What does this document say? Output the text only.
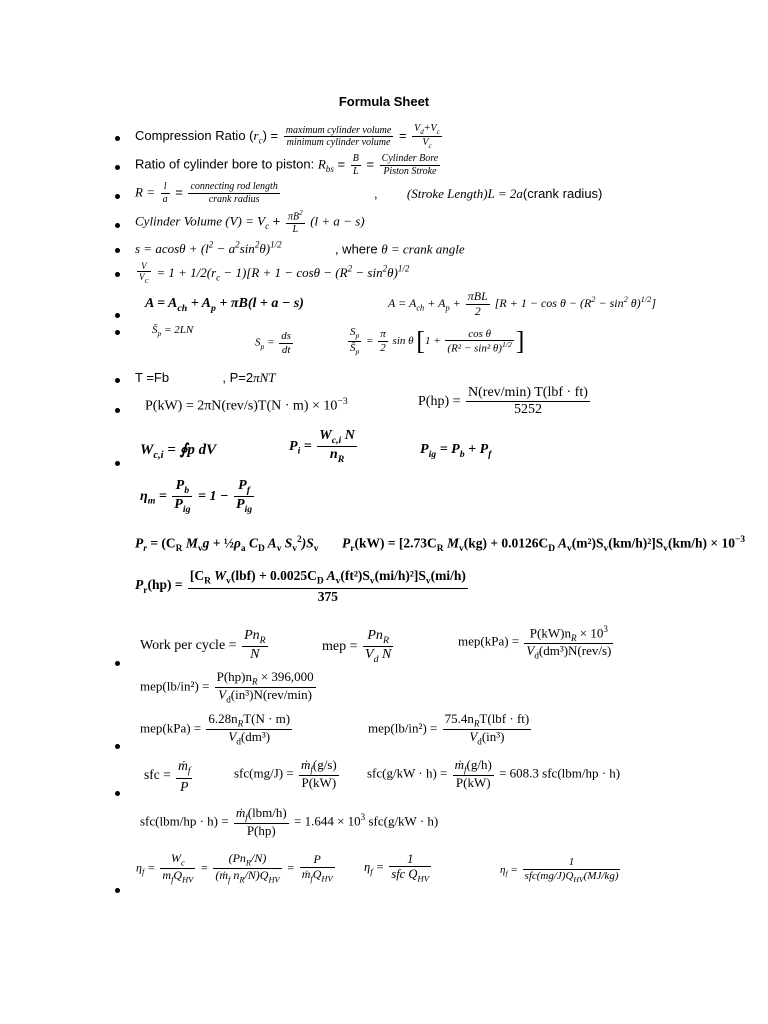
Formula Sheet
Compression Ratio $(r_c) = \frac{\text{maximum cylinder volume}}{\text{minimum cylinder volume}} = \frac{V_d+V_c}{V_c}$
Ratio of cylinder bore to piston: $R_{bs} = \frac{B}{L} = \frac{\text{Cylinder Bore}}{\text{Piston Stroke}}$
$R = \frac{l}{a} = \frac{\text{connecting rod length}}{\text{crank radius}}$	, (Stroke Length)L = 2a(crank radius)
Cylinder Volume $(V) = V_c + \frac{\pi B^2}{L} (l + a - s)$
$s = acos\theta + (l^2 - a^2\sin^2\theta)^{1/2}$	, where θ = crank angle
$\frac{V}{V_C} = 1 + 1/2(r_c - 1)[R + 1 - \cos\theta - (R^2 - \sin^2\theta)^{1/2}$
$A = A_{ch} + A_p + \pi B(l + a - s)$	$A = A_{ch} + A_p + \frac{\text{πBL}}{2} [R + 1 - \cos \theta - (R^2 - \sin^2 \theta)^{1/2}]$
$S̄_p = 2LN$
$S_p = \frac{ds}{dt}$	$\frac{S_p}{S̄_p} = \frac{\pi}{2}$ sin θ [$1 + \frac{\text{cos θ}}{(R^2 - \sin^2 \theta)^{1/2}}$ ]
T =Fb	, P=2πNT
$P(kW) = 2\pi N(rev/s)T(N \cdot m) \times 10^{-3}$	$P(hp) = \frac{\text{N(rev/min) T(lbf · ft)}}{5252}$
$W_{c,i}$ = ∮p dV	$P_i = \frac{W_{c,i} N}{n_R}$	$P_{ig} = P_b + P_f$
$\eta_m = \frac{P_b}{P_{ig}} = 1 - \frac{P_f}{P_{ig}}$
$P_r = (C_R$ $M_vg$ + $\frac{1}{2}\rho_a$ $C_D$ $A_v$ $S_v^2)S_v$ $P_r(kW) = [2.73C_R$ $M_v(kg) + 0.0126C_D$ $A_v(m^2)S_v(km/h)^2]S_v(km/h) \times 10^{-3}$
$P_r(hp) = \frac{[C_R W_v(lbf) + 0.0025C_D A_v(ft^2)S_v(mi/h)^2]S_v(mi/h)}{375}$
Work per cycle = $\frac{Pn_R}{N}$	mep = $\frac{Pn_R}{V_d N}$	$mep(kPa) = \frac{P(kW)n_R \times 10^3}{V_d(dm^3)N(rev/s)}$
$mep(lb/in^2) = \frac{P(hp)n_R \times 396,000}{V_d(in^3)N(rev/\min)}$
$mep(kPa) = \frac{6.28n_RT(N \cdot m)}{V_d(dm^3)}$	$mep(lb/in^2) = \frac{75.4n_RT(lbf \cdot ft)}{V_d(in^3)}$
sfc = $\frac{ṁ_f}{P}$	$sfc(mg/J) = \frac{ṁ_f(g/s)}{P(kW)} sfc(g/kW \cdot h) = \frac{ṁ_f(g/h)}{P(kW)} = 608.3$ sfc(lbm/hp · h)
$sfc(lbm/hp \cdot h) = \frac{ṁ_f(lbm/h)}{P(hp)} = 1.644 \times 10^3$ sfc(g/kW · h)
$\eta_f = \frac{W_c}{m_fQ_{HV}} = \frac{(Pn_R/N)}{(ṁ_f n_R/N)Q_{HV}} = \frac{P}{ṁ_fQ_{HV}} \eta_f = \frac{1}{sfc Q_{HV}}$	$\eta_f = \frac{1}{sfc(mg/J)Q_{HV}(MJ/kg)}$
